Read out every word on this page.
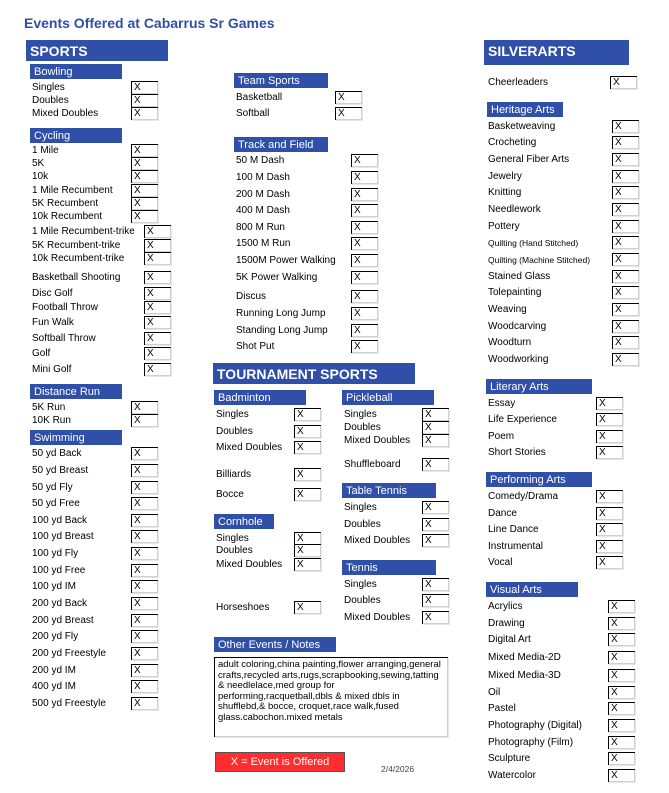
Events Offered at Cabarrus Sr Games
SPORTS
Bowling
Cycling
Distance Run
Swimming
Team Sports
Track and Field
TOURNAMENT SPORTS
Badminton	Pickleball
Table Tennis
Cornhole
Tennis
Other Events / Notes
SILVERARTS
Heritage Arts
Literary Arts
Performing Arts
Visual Arts
Singles	X
Doubles	X
Mixed Doubles	X
1 Mile	X
5K	X
10k	X
1 Mile Recumbent	X
5K Recumbent	X
10k Recumbent	X
1 Mile Recumbent-trike	X
5K Recumbent-trike	X
10k Recumbent-trike	X
Basketball Shooting	X
Disc Golf	X
Football Throw	X
Fun Walk	X
Softball Throw	X
Golf	X
Mini Golf	X
5K Run	X
10K Run	X
50 yd Back	X
50 yd Breast	X
50 yd Fly	X
50 yd Free	X
100 yd Back	X
100 yd Breast	X
100 yd Fly	X
100 yd Free	X
100 yd IM	X
200 yd Back	X
200 yd Breast	X
200 yd Fly	X
200 yd Freestyle	X
200 yd IM	X
400 yd IM	X
500 yd Freestyle	X
Basketball	X
Softball	X
50 M Dash	X
100 M Dash	X
200 M Dash	X
400 M Dash	X
800 M Run	X
1500 M Run	X
1500M Power Walking	X
5K Power Walking	X
Discus	X
Running Long Jump	X
Standing Long Jump	X
Shot Put	X
Singles	X
Doubles	X
Mixed Doubles	X
Billiards	X
Bocce	X
Singles	X
Doubles	X
Mixed Doubles	X
Horseshoes	X
Singles	X
Doubles	X
Mixed Doubles	X
Shuffleboard	X
Singles	X
Doubles	X
Mixed Doubles	X
Singles	X
Doubles	X
Mixed Doubles	X
Cheerleaders	X
Basketweaving	X
Crocheting	X
General Fiber Arts	X
Jewelry	X
Knitting	X
Needlework	X
Pottery	X
Quilting (Hand Stitched)	X
Quilting (Machine Stitched)	X
Stained Glass	X
Tolepainting	X
Weaving	X
Woodcarving	X
Woodturn	X
Woodworking	X
Essay	X
Life Experience	X
Poem	X
Short Stories	X
Comedy/Drama	X
Dance	X
Line Dance	X
Instrumental	X
Vocal	X
Acrylics	X
Drawing	X
Digital Art	X
Mixed Media-2D	X
Mixed Media-3D	X
Oil	X
Pastel	X
Photography (Digital)	X
Photography (Film)	X
Sculpture	X
Watercolor	X
adult coloring,china painting,flower arranging,general crafts,recycled arts,rugs,scrapbooking,sewing,tatting & needlelace,med group for performing,racquetball,dbls & mixed dbls in shufflebd,& bocce, croquet,race walk,fused glass.cabochon.mixed metals
X = Event is Offered
2/4/2026
